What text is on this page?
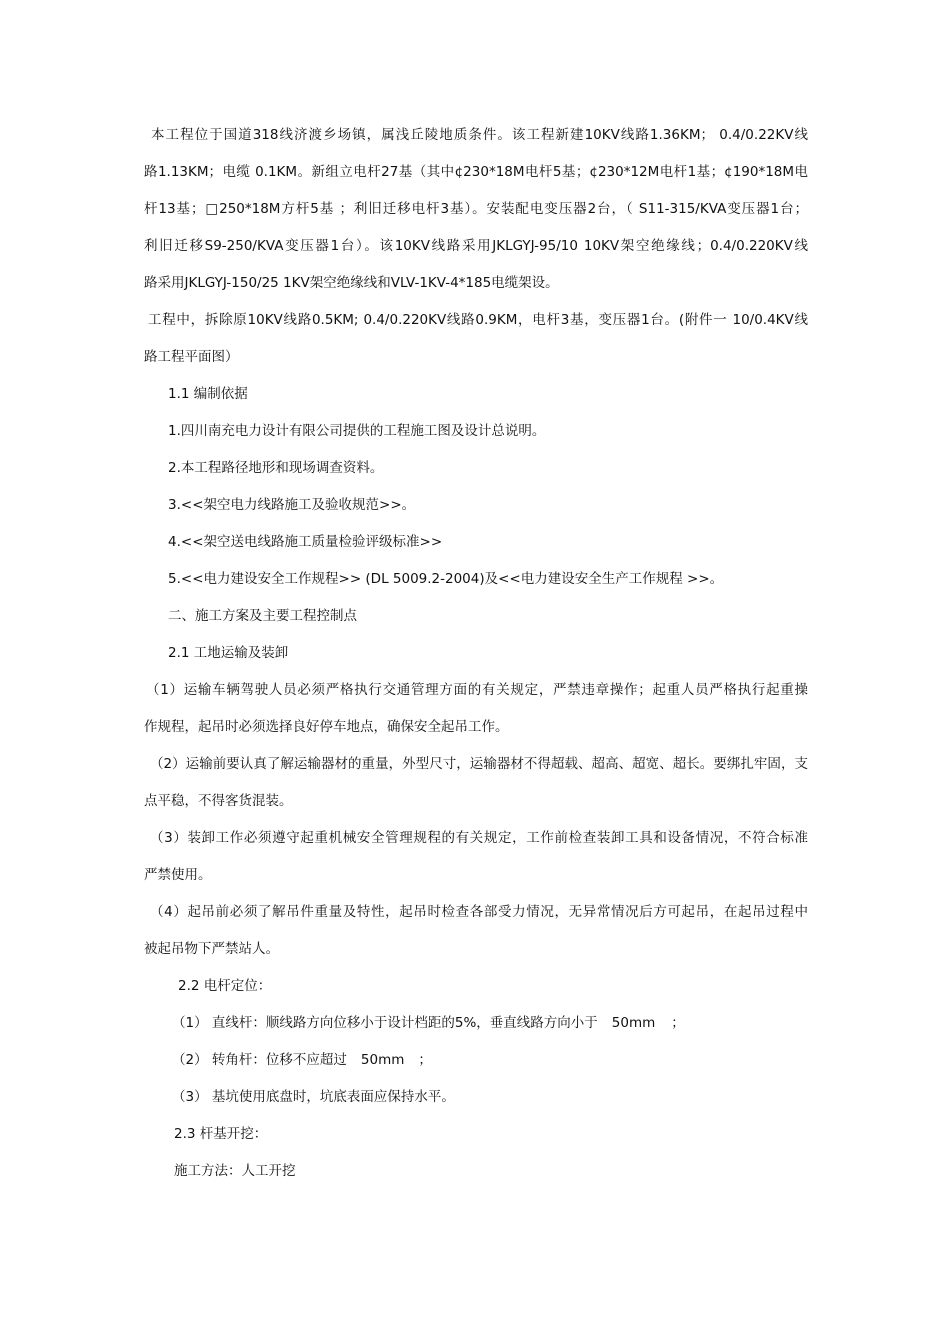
本工程位于国道318线济渡乡场镇，属浅丘陵地质条件。该工程新建10KV线路1.36KM； 0.4/0.22KV线
路1.13KM；电缆 0.1KM。新组立电杆27基（其中¢230*18M电杆5基；¢230*12M电杆1基；¢190*18M电
杆13基；□250*18M方杆5基 ；利旧迁移电杆3基）。安装配电变压器2台，（ S11-315/KVA变压器1台；
利旧迁移S9-250/KVA变压器1台）。该10KV线路采用JKLGYJ-95/10 10KV架空绝缘线；0.4/0.220KV线
路采用JKLGYJ-150/25 1KV架空绝缘线和VLV-1KV-4*185电缆架设。
工程中，拆除原10KV线路0.5KM; 0.4/0.220KV线路0.9KM，电杆3基，变压器1台。(附件一 10/0.4KV线
路工程平面图）
1.1 编制依据
1.四川南充电力设计有限公司提供的工程施工图及设计总说明。
2.本工程路径地形和现场调查资料。
3.<<架空电力线路施工及验收规范>>。
4.<<架空送电线路施工质量检验评级标准>>
5.<<电力建设安全工作规程>> (DL 5009.2-2004)及<<电力建设安全生产工作规程 >>。
二、施工方案及主要工程控制点
2.1 工地运输及装卸
（1）运输车辆驾驶人员必须严格执行交通管理方面的有关规定，严禁违章操作；起重人员严格执行起重操
作规程，起吊时必须选择良好停车地点，确保安全起吊工作。
（2）运输前要认真了解运输器材的重量，外型尺寸，运输器材不得超载、超高、超宽、超长。要绑扎牢固，支
点平稳，不得客货混装。
（3）装卸工作必须遵守起重机械安全管理规程的有关规定，工作前检查装卸工具和设备情况，不符合标准
严禁使用。
（4）起吊前必须了解吊件重量及特性，起吊时检查各部受力情况，无异常情况后方可起吊，在起吊过程中
被起吊物下严禁站人。
2.2 电杆定位：
（1） 直线杆：顺线路方向位移小于设计档距的5%，垂直线路方向小于 50mm ；
（2） 转角杆：位移不应超过 50mm ；
（3） 基坑使用底盘时，坑底表面应保持水平。
2.3 杆基开挖：
施工方法：人工开挖
